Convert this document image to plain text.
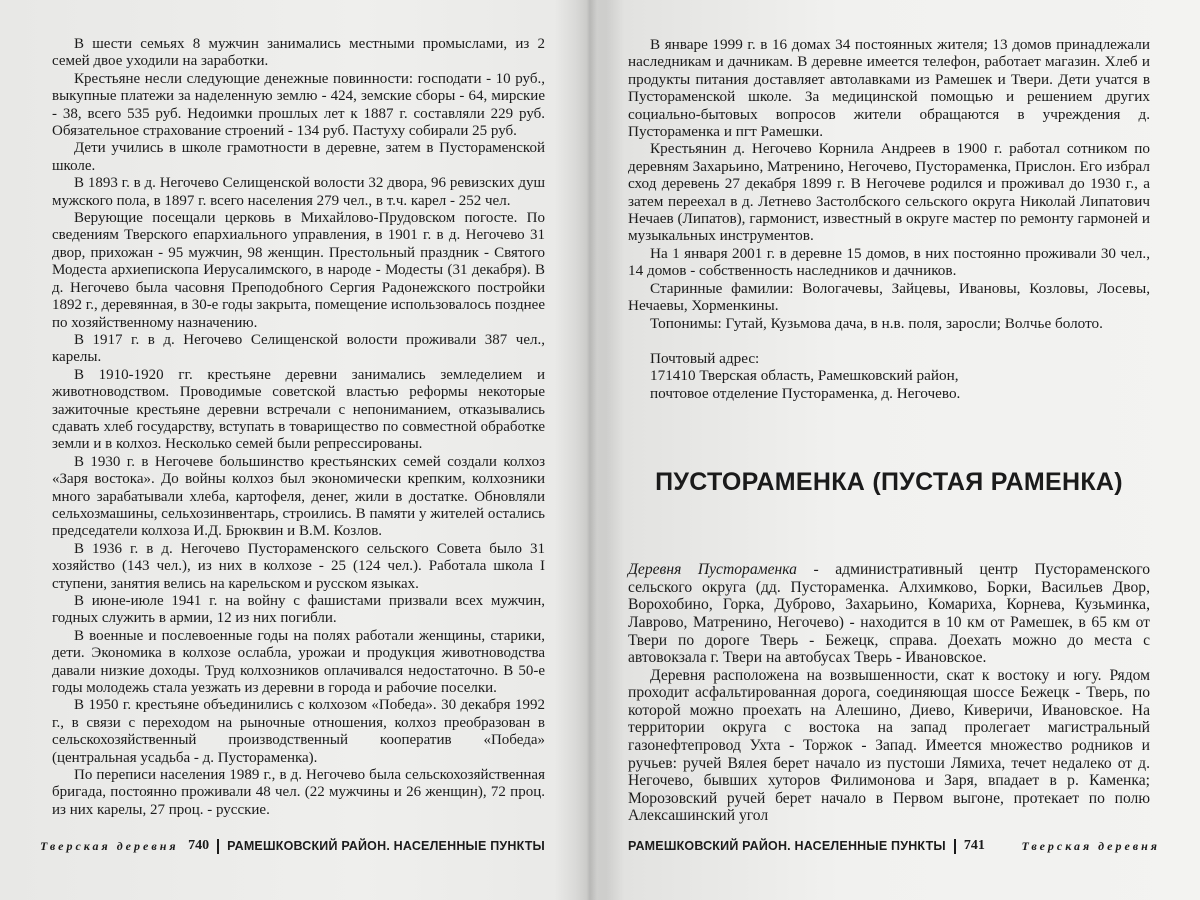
В шести семьях 8 мужчин занимались местными промыслами, из 2 семей двое уходили на заработки.

Крестьяне несли следующие денежные повинности: господати - 10 руб., выкупные платежи за наделенную землю - 424, земские сборы - 64, мирские - 38, всего 535 руб. Недоимки прошлых лет к 1887 г. составляли 229 руб. Обязательное страхование строений - 134 руб. Пастуху собирали 25 руб.

Дети учились в школе грамотности в деревне, затем в Пустораменской школе.

В 1893 г. в д. Негочево Селищенской волости 32 двора, 96 ревизских душ мужского пола, в 1897 г. всего населения 279 чел., в т.ч. карел - 252 чел.

Верующие посещали церковь в Михайлово-Прудовском погосте. По сведениям Тверского епархиального управления, в 1901 г. в д. Негочево 31 двор, прихожан - 95 мужчин, 98 женщин. Престольный праздник - Святого Модеста архиепископа Иерусалимского, в народе - Модесты (31 декабря). В д. Негочево была часовня Преподобного Сергия Радонежского постройки 1892 г., деревянная, в 30-е годы закрыта, помещение использовалось позднее по хозяйственному назначению.

В 1917 г. в д. Негочево Селищенской волости проживали 387 чел., карелы.

В 1910-1920 гг. крестьяне деревни занимались земледелием и животноводством. Проводимые советской властью реформы некоторые зажиточные крестьяне деревни встречали с непониманием, отказывались сдавать хлеб государству, вступать в товарищество по совместной обработке земли и в колхоз. Несколько семей были репрессированы.

В 1930 г. в Негочеве большинство крестьянских семей создали колхоз «Заря востока». До войны колхоз был экономически крепким, колхозники много зарабатывали хлеба, картофеля, денег, жили в достатке. Обновляли сельхозмашины, сельхозинвентарь, строились. В памяти у жителей остались председатели колхоза И.Д. Брюквин и В.М. Козлов.

В 1936 г. в д. Негочево Пустораменского сельского Совета было 31 хозяйство (143 чел.), из них в колхозе - 25 (124 чел.). Работала школа I ступени, занятия велись на карельском и русском языках.

В июне-июле 1941 г. на войну с фашистами призвали всех мужчин, годных служить в армии, 12 из них погибли.

В военные и послевоенные годы на полях работали женщины, старики, дети. Экономика в колхозе ослабла, урожаи и продукция животноводства давали низкие доходы. Труд колхозников оплачивался недостаточно. В 50-е годы молодежь стала уезжать из деревни в города и рабочие поселки.

В 1950 г. крестьяне объединились с колхозом «Победа». 30 декабря 1992 г., в связи с переходом на рыночные отношения, колхоз преобразован в сельскохозяйственный производственный кооператив «Победа» (центральная усадьба - д. Пустораменка).

По переписи населения 1989 г., в д. Негочево была сельскохозяйственная бригада, постоянно проживали 48 чел. (22 мужчины и 26 женщин), 72 проц. из них карелы, 27 проц. - русские.

Тверская деревня 740 РАМЕШКОВСКИЙ РАЙОН. НАСЕЛЕННЫЕ ПУНКТЫ

В январе 1999 г. в 16 домах 34 постоянных жителя; 13 домов принадлежали наследникам и дачникам. В деревне имеется телефон, работает магазин. Хлеб и продукты питания доставляет автолавками из Рамешек и Твери. Дети учатся в Пустораменской школе. За медицинской помощью и решением других социально-бытовых вопросов жители обращаются в учреждения д. Пустораменка и пгт Рамешки.

Крестьянин д. Негочево Корнила Андреев в 1900 г. работал сотником по деревням Захарьино, Матренино, Негочево, Пустораменка, Прислон. Его избрал сход деревень 27 декабря 1899 г. В Негочеве родился и проживал до 1930 г., а затем переехал в д. Летнево Застолбского сельского округа Николай Липатович Нечаев (Липатов), гармонист, известный в округе мастер по ремонту гармоней и музыкальных инструментов.

На 1 января 2001 г. в деревне 15 домов, в них постоянно проживали 30 чел., 14 домов - собственность наследников и дачников.

Старинные фамилии: Вологачевы, Зайцевы, Ивановы, Козловы, Лосевы, Нечаевы, Хорменкины.

Топонимы: Гутай, Кузьмова дача, в н.в. поля, заросли; Волчье болото.

Почтовый адрес:
171410 Тверская область, Рамешковский район,
почтовое отделение Пустораменка, д. Негочево.
ПУСТОРАМЕНКА (ПУСТАЯ РАМЕНКА)

Деревня Пустораменка - административный центр Пустораменского сельского округа (дд. Пустораменка. Алхимково, Борки, Васильев Двор, Ворохобино, Горка, Дуброво, Захарьино, Комариха, Корнева, Кузьминка, Лаврово, Матренино, Негочево) - находится в 10 км от Рамешек, в 65 км от Твери по дороге Тверь - Бежецк, справа. Доехать можно до места с автовокзала г. Твери на автобусах Тверь - Ивановское.

Деревня расположена на возвышенности, скат к востоку и югу. Рядом проходит асфальтированная дорога, соединяющая шоссе Бежецк - Тверь, по которой можно проехать на Алешино, Диево, Киверичи, Ивановское. На территории округа с востока на запад пролегает магистральный газонефтепровод Ухта - Торжок - Запад. Имеется множество родников и ручьев: ручей Вялея берет начало из пустоши Лямиха, течет недалеко от д. Негочево, бывших хуторов Филимонова и Заря, впадает в р. Каменка; Морозовский ручей берет начало в Первом выгоне, протекает по полю Алексашинский угол

РАМЕШКОВСКИЙ РАЙОН. НАСЕЛЕННЫЕ ПУНКТЫ 741	Тверская деревня
